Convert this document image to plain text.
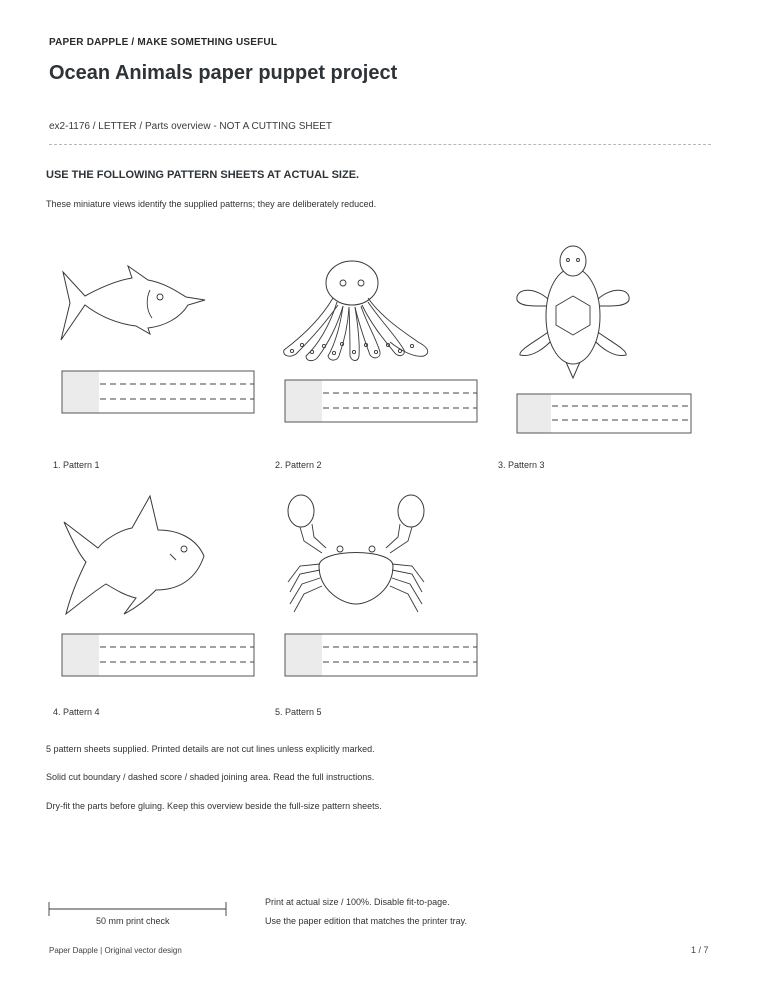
PAPER DAPPLE / MAKE SOMETHING USEFUL
Ocean Animals paper puppet project
ex2-1176 / LETTER / Parts overview - NOT A CUTTING SHEET
USE THE FOLLOWING PATTERN SHEETS AT ACTUAL SIZE.
These miniature views identify the supplied patterns; they are deliberately reduced.
1. Pattern 1	2. Pattern 2	3. Pattern 3
4. Pattern 4	5. Pattern 5
5 pattern sheets supplied. Printed details are not cut lines unless explicitly marked.
Solid cut boundary / dashed score / shaded joining area. Read the full instructions.
Dry-fit the parts before gluing. Keep this overview beside the full-size pattern sheets.
50 mm print check
Print at actual size / 100%. Disable fit-to-page.
Use the paper edition that matches the printer tray.
Paper Dapple | Original vector design	1 / 7
